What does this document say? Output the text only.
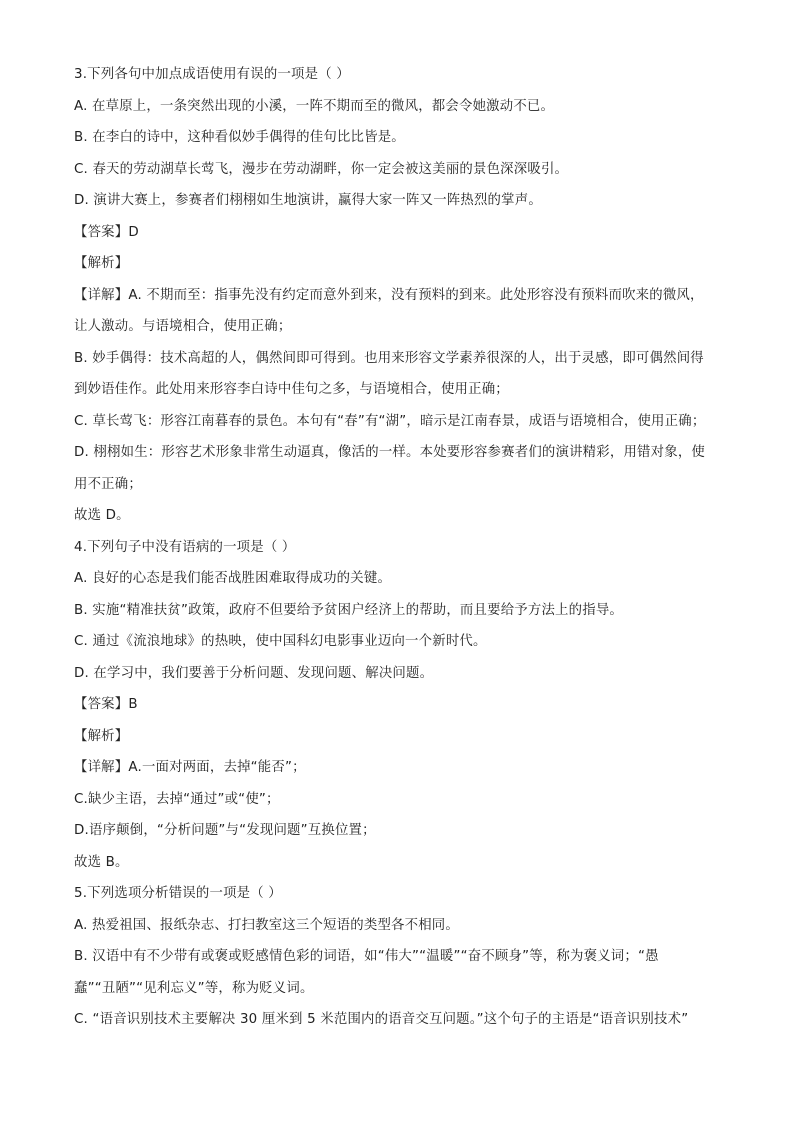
3.下列各句中加点成语使用有误的一项是（ ）
A. 在草原上，一条突然出现的小溪，一阵不期而至的微风，都会令她激动不已。
B. 在李白的诗中，这种看似妙手偶得的佳句比比皆是。
C. 春天的劳动湖草长莺飞，漫步在劳动湖畔，你一定会被这美丽的景色深深吸引。
D. 演讲大赛上，参赛者们栩栩如生地演讲，赢得大家一阵又一阵热烈的掌声。
【答案】D
【解析】
【详解】A. 不期而至：指事先没有约定而意外到来，没有预料的到来。此处形容没有预料而吹来的微风，
让人激动。与语境相合，使用正确；
B. 妙手偶得：技术高超的人，偶然间即可得到。也用来形容文学素养很深的人，出于灵感，即可偶然间得
到妙语佳作。此处用来形容李白诗中佳句之多，与语境相合，使用正确；
C. 草长莺飞：形容江南暮春的景色。本句有“春”有“湖”，暗示是江南春景，成语与语境相合，使用正确；
D. 栩栩如生：形容艺术形象非常生动逼真，像活的一样。本处要形容参赛者们的演讲精彩，用错对象，使
用不正确；
故选 D。
4.下列句子中没有语病的一项是（ ）
A. 良好的心态是我们能否战胜困难取得成功的关键。
B. 实施“精准扶贫”政策，政府不但要给予贫困户经济上的帮助，而且要给予方法上的指导。
C. 通过《流浪地球》的热映，使中国科幻电影事业迈向一个新时代。
D. 在学习中，我们要善于分析问题、发现问题、解决问题。
【答案】B
【解析】
【详解】A.一面对两面，去掉“能否”；
C.缺少主语，去掉“通过”或“使”；
D.语序颠倒，“分析问题”与“发现问题”互换位置；
故选 B。
5.下列选项分析错误的一项是（ ）
A. 热爱祖国、报纸杂志、打扫教室这三个短语的类型各不相同。
B. 汉语中有不少带有或褒或贬感情色彩的词语，如“伟大”“温暖”“奋不顾身”等，称为褒义词；“愚
蠢”“丑陋”“见利忘义”等，称为贬义词。
C. “语音识别技术主要解决 30 厘米到 5 米范围内的语音交互问题。”这个句子的主语是“语音识别技术”
